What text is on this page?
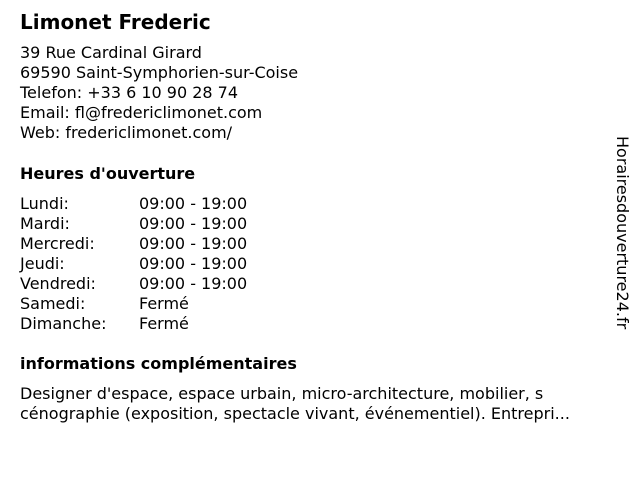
Limonet Frederic
39 Rue Cardinal Girard
69590 Saint-Symphorien-sur-Coise
Telefon: +33 6 10 90 28 74
Email: fl@fredericlimonet.com
Web: fredericlimonet.com/
Heures d'ouverture
Lundi:	09:00 - 19:00
Mardi:	09:00 - 19:00
Mercredi:	09:00 - 19:00
Jeudi:	09:00 - 19:00
Vendredi:	09:00 - 19:00
Samedi:	Fermé
Dimanche: Fermé
informations complémentaires
Designer d'espace, espace urbain, micro-architecture, mobilier, s
cénographie (exposition, spectacle vivant, événementiel). Entrepri...
Horairesdouverture24.fr
